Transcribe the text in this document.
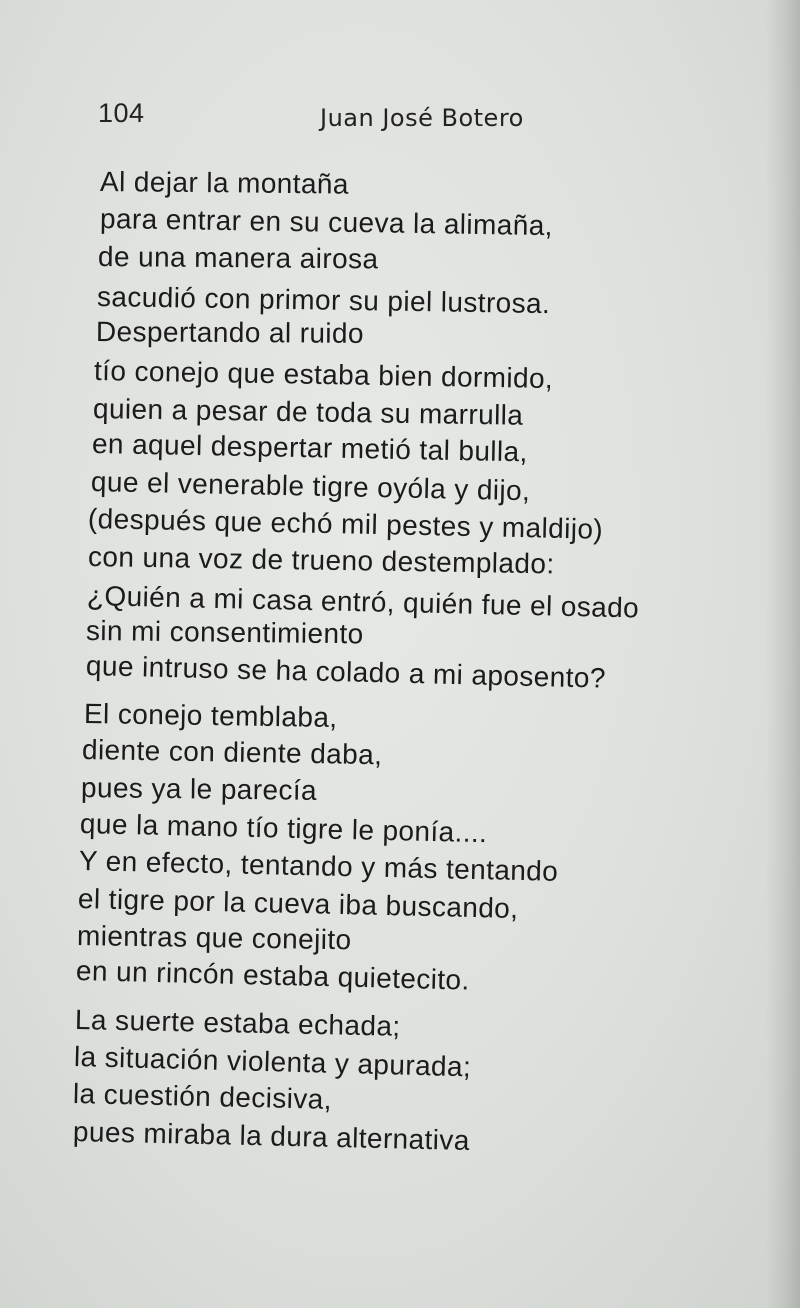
104	Juan José Botero
Al dejar la montaña
para entrar en su cueva la alimaña,
de una manera airosa
sacudió con primor su piel lustrosa.
Despertando al ruido
tío conejo que estaba bien dormido,
quien a pesar de toda su marrulla
en aquel despertar metió tal bulla,
que el venerable tigre oyóla y dijo,
(después que echó mil pestes y maldijo)
con una voz de trueno destemplado:
¿Quién a mi casa entró, quién fue el osado
sin mi consentimiento
que intruso se ha colado a mi aposento?
El conejo temblaba,
diente con diente daba,
pues ya le parecía
que la mano tío tigre le ponía....
Y en efecto, tentando y más tentando
el tigre por la cueva iba buscando,
mientras que conejito
en un rincón estaba quietecito.
La suerte estaba echada;
la situación violenta y apurada;
la cuestión decisiva,
pues miraba la dura alternativa
